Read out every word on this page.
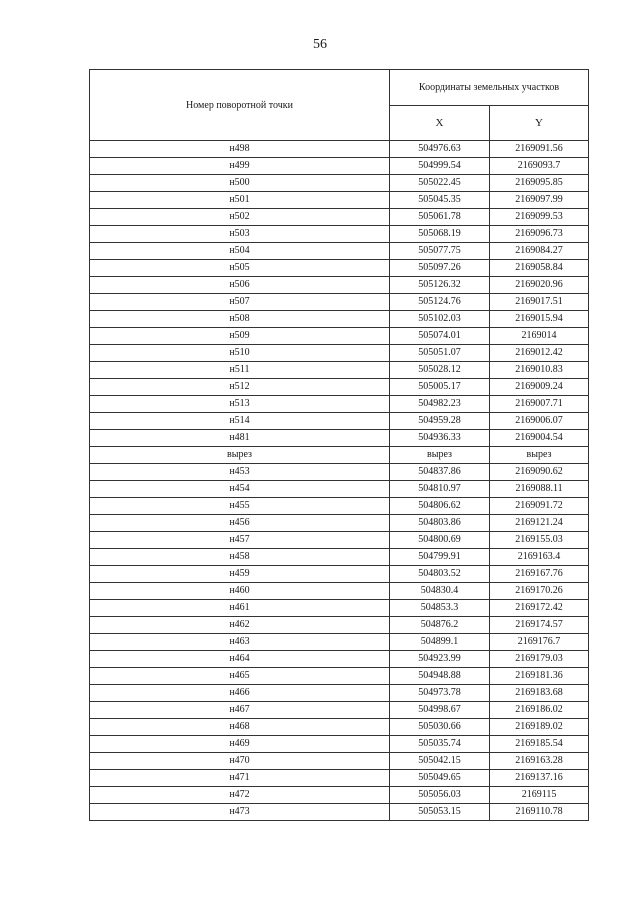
56
Номер поворотной точки	Координаты земельных участков	
	X	Y
н498	504976.63	2169091.56
н499	504999.54	2169093.7
н500	505022.45	2169095.85
н501	505045.35	2169097.99
н502	505061.78	2169099.53
н503	505068.19	2169096.73
н504	505077.75	2169084.27
н505	505097.26	2169058.84
н506	505126.32	2169020.96
н507	505124.76	2169017.51
н508	505102.03	2169015.94
н509	505074.01	2169014
н510	505051.07	2169012.42
н511	505028.12	2169010.83
н512	505005.17	2169009.24
н513	504982.23	2169007.71
н514	504959.28	2169006.07
н481	504936.33	2169004.54
вырез	вырез	вырез
н453	504837.86	2169090.62
н454	504810.97	2169088.11
н455	504806.62	2169091.72
н456	504803.86	2169121.24
н457	504800.69	2169155.03
н458	504799.91	2169163.4
н459	504803.52	2169167.76
н460	504830.4	2169170.26
н461	504853.3	2169172.42
н462	504876.2	2169174.57
н463	504899.1	2169176.7
н464	504923.99	2169179.03
н465	504948.88	2169181.36
н466	504973.78	2169183.68
н467	504998.67	2169186.02
н468	505030.66	2169189.02
н469	505035.74	2169185.54
н470	505042.15	2169163.28
н471	505049.65	2169137.16
н472	505056.03	2169115
н473	505053.15	2169110.78
